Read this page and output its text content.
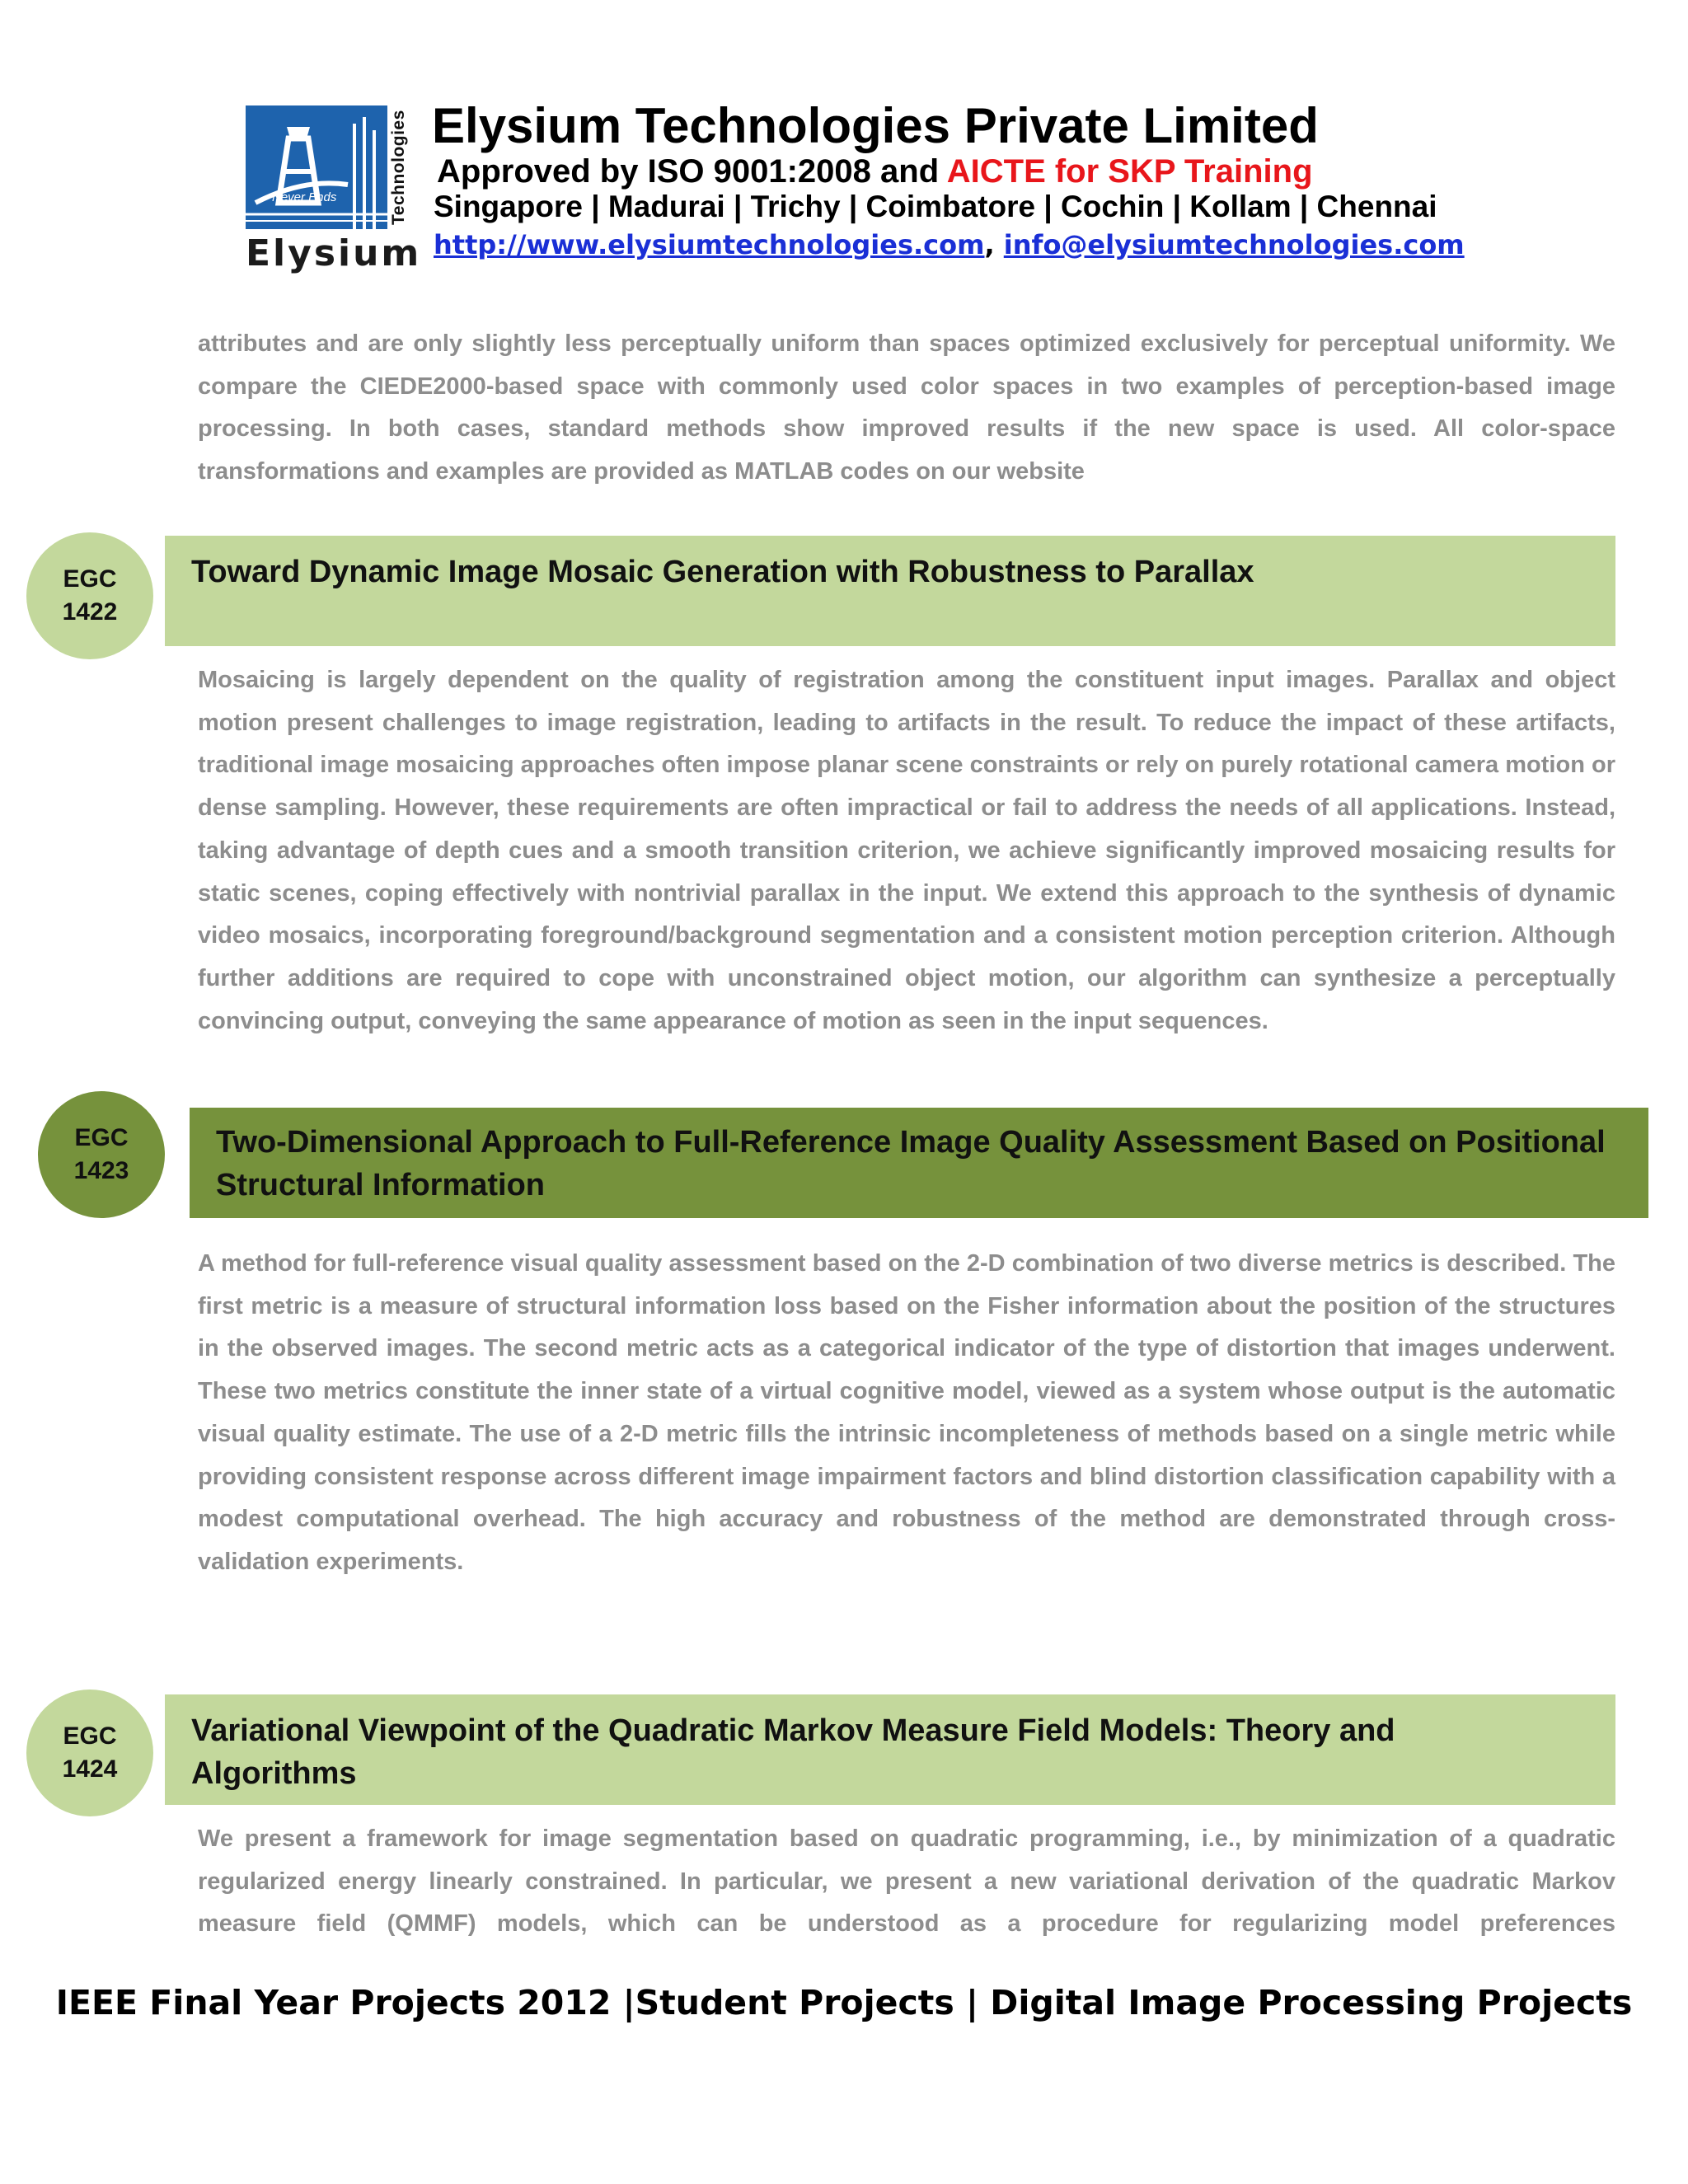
Never Ends	Technologies
Elysium
Elysium Technologies Private Limited
Approved by ISO 9001:2008 and AICTE for SKP Training
Singapore | Madurai | Trichy | Coimbatore | Cochin | Kollam | Chennai
http://www.elysiumtechnologies.com, info@elysiumtechnologies.com
attributes and are only slightly less perceptually uniform than spaces optimized exclusively for perceptual uniformity. We compare the CIEDE2000-based space with commonly used color spaces in two examples of perception-based image processing. In both cases, standard methods show improved results if the new space is used. All color-space transformations and examples are provided as MATLAB codes on our website
Toward Dynamic Image Mosaic Generation with Robustness to Parallax
EGC
1422
Mosaicing is largely dependent on the quality of registration among the constituent input images. Parallax and object motion present challenges to image registration, leading to artifacts in the result. To reduce the impact of these artifacts, traditional image mosaicing approaches often impose planar scene constraints or rely on purely rotational camera motion or dense sampling. However, these requirements are often impractical or fail to address the needs of all applications. Instead, taking advantage of depth cues and a smooth transition criterion, we achieve significantly improved mosaicing results for static scenes, coping effectively with nontrivial parallax in the input. We extend this approach to the synthesis of dynamic video mosaics, incorporating foreground/background segmentation and a consistent motion perception criterion. Although further additions are required to cope with unconstrained object motion, our algorithm can synthesize a perceptually convincing output, conveying the same appearance of motion as seen in the input sequences.
Two-Dimensional Approach to Full-Reference Image Quality Assessment Based on Positional Structural Information
EGC
1423
A method for full-reference visual quality assessment based on the 2-D combination of two diverse metrics is described. The first metric is a measure of structural information loss based on the Fisher information about the position of the structures in the observed images. The second metric acts as a categorical indicator of the type of distortion that images underwent. These two metrics constitute the inner state of a virtual cognitive model, viewed as a system whose output is the automatic visual quality estimate. The use of a 2-D metric fills the intrinsic incompleteness of methods based on a single metric while providing consistent response across different image impairment factors and blind distortion classification capability with a modest computational overhead. The high accuracy and robustness of the method are demonstrated through cross-validation experiments.
Variational Viewpoint of the Quadratic Markov Measure Field Models: Theory and Algorithms
EGC
1424
We present a framework for image segmentation based on quadratic programming, i.e., by minimization of a quadratic regularized energy linearly constrained. In particular, we present a new variational derivation of the quadratic Markov measure field (QMMF) models, which can be understood as a procedure for regularizing model preferences
IEEE Final Year Projects 2012 |Student Projects | Digital Image Processing Projects
